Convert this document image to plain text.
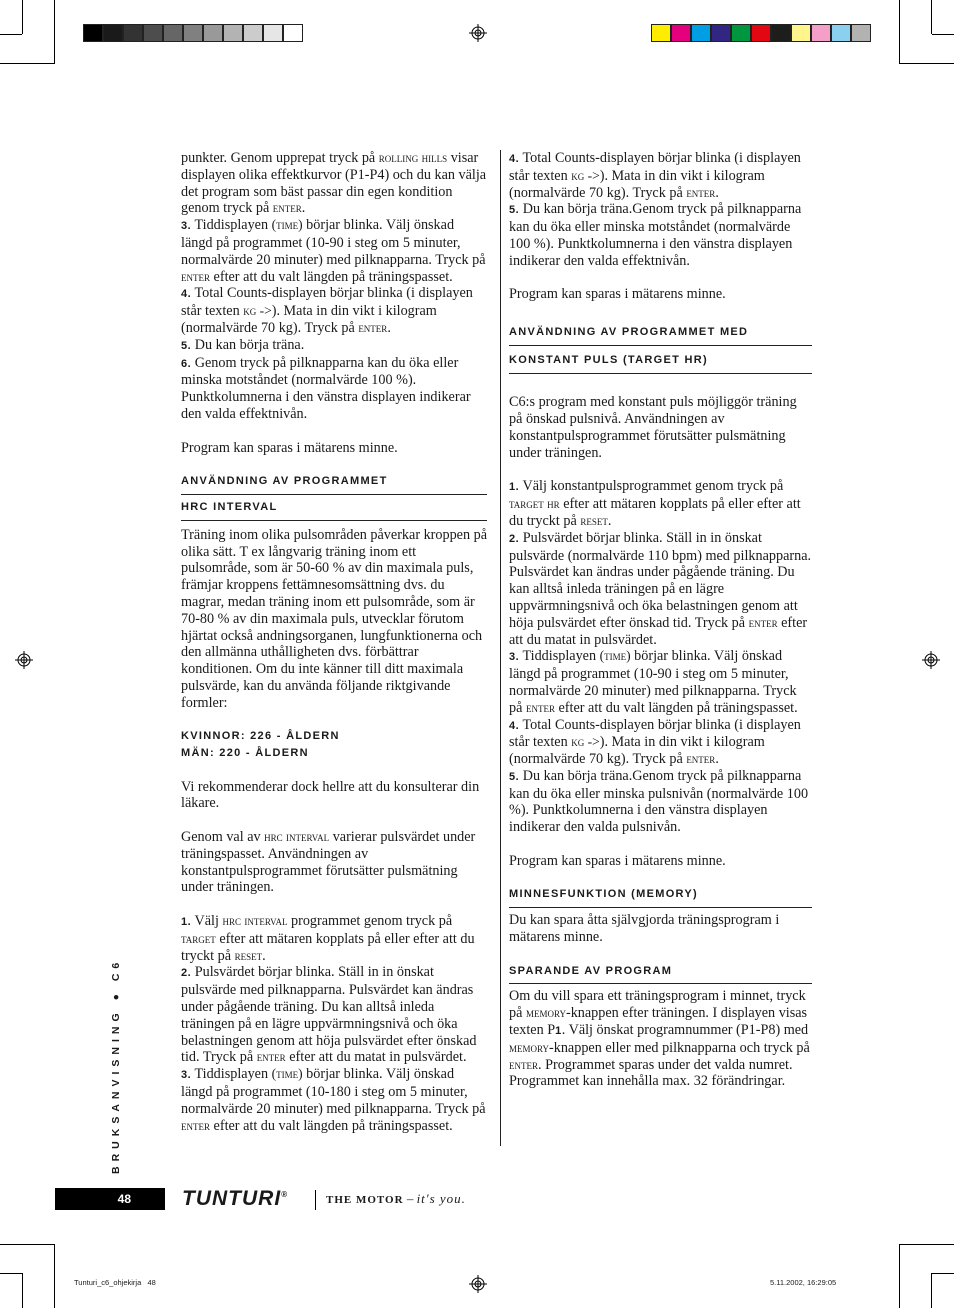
punkter. Genom upprepat tryck på rolling hills visar displayen olika effektkurvor (P1-P4) och du kan välja det program som bäst passar din egen kondition genom tryck på enter.

3. Tiddisplayen (time) börjar blinka. Välj önskad längd på programmet (10-90 i steg om 5 minuter, normalvärde 20 minuter) med pilknapparna. Tryck på enter efter att du valt längden på träningspasset.

4. Total Counts-displayen börjar blinka (i displayen står texten kg ->). Mata in din vikt i kilogram (normalvärde 70 kg). Tryck på enter.

5. Du kan börja träna.

6. Genom tryck på pilknapparna kan du öka eller minska motståndet (normalvärde 100 %). Punktkolumnerna i den vänstra displayen indikerar den valda effektnivån.

Program kan sparas i mätarens minne.

ANVÄNDNING AV PROGRAMMET
HRC INTERVAL

Träning inom olika pulsområden påverkar kroppen på olika sätt. T ex långvarig träning inom ett pulsområde, som är 50-60 % av din maximala puls, främjar kroppens fettämnesomsättning dvs. du magrar, medan träning inom ett pulsområde, som är 70-80 % av din maximala puls, utvecklar förutom hjärtat också andningsorganen, lungfunktionerna och den allmänna uthålligheten dvs. förbättrar konditionen. Om du inte känner till ditt maximala pulsvärde, kan du använda följande riktgivande formler:

KVINNOR: 226 - ÅLDERN
MÄN: 220 - ÅLDERN

Vi rekommenderar dock hellre att du konsulterar din läkare.

Genom val av hrc interval varierar pulsvärdet under träningspasset. Användningen av konstantpulsprogrammet förutsätter pulsmätning under träningen.

1. Välj hrc interval programmet genom tryck på target efter att mätaren kopplats på eller efter att du tryckt på reset.

2. Pulsvärdet börjar blinka. Ställ in in önskat pulsvärde med pilknapparna. Pulsvärdet kan ändras under pågående träning. Du kan alltså inleda träningen på en lägre uppvärmningsnivå och öka belastningen genom att höja pulsvärdet efter önskad tid. Tryck på enter efter att du matat in pulsvärdet.

3. Tiddisplayen (time) börjar blinka. Välj önskad längd på programmet (10-180 i steg om 5 minuter, normalvärde 20 minuter) med pilknapparna. Tryck på enter efter att du valt längden på träningspasset.

4. Total Counts-displayen börjar blinka (i displayen står texten kg ->). Mata in din vikt i kilogram (normalvärde 70 kg). Tryck på enter.

5. Du kan börja träna.Genom tryck på pilknapparna kan du öka eller minska motståndet (normalvärde 100 %). Punktkolumnerna i den vänstra displayen indikerar den valda effektnivån.

Program kan sparas i mätarens minne.

ANVÄNDNING AV PROGRAMMET MED
KONSTANT PULS (TARGET HR)

C6:s program med konstant puls möjliggör träning på önskad pulsnivå. Användningen av konstantpulsprogrammet förutsätter pulsmätning under träningen.

1. Välj konstantpulsprogrammet genom tryck på target hr efter att mätaren kopplats på eller efter att du tryckt på reset.

2. Pulsvärdet börjar blinka. Ställ in in önskat pulsvärde (normalvärde 110 bpm) med pilknapparna. Pulsvärdet kan ändras under pågående träning. Du kan alltså inleda träningen på en lägre uppvärmningsnivå och öka belastningen genom att höja pulsvärdet efter önskad tid. Tryck på enter efter att du matat in pulsvärdet.

3. Tiddisplayen (time) börjar blinka. Välj önskad längd på programmet (10-90 i steg om 5 minuter, normalvärde 20 minuter) med pilknapparna. Tryck på enter efter att du valt längden på träningspasset.

4. Total Counts-displayen börjar blinka (i displayen står texten kg ->). Mata in din vikt i kilogram (normalvärde 70 kg). Tryck på enter.

5. Du kan börja träna.Genom tryck på pilknapparna kan du öka eller minska pulsnivån (normalvärde 100 %). Punktkolumnerna i den vänstra displayen indikerar den valda pulsnivån.

Program kan sparas i mätarens minne.

MINNESFUNKTION (MEMORY)

Du kan spara åtta självgjorda träningsprogram i mätarens minne.

SPARANDE AV PROGRAM

Om du vill spara ett träningsprogram i minnet, tryck på memory-knappen efter träningen. I displayen visas texten P1. Välj önskat programnummer (P1-P8) med memory-knappen eller med pilknapparna och tryck på enter. Programmet sparas under det valda numret. Programmet kan innehålla max. 32 förändringar.

BRUKSANVISNING ● C6
48 TUNTURI®	THE MOTOR – it's you.
Tunturi_c6_ohjekirja   48	5.11.2002, 16:29:05
